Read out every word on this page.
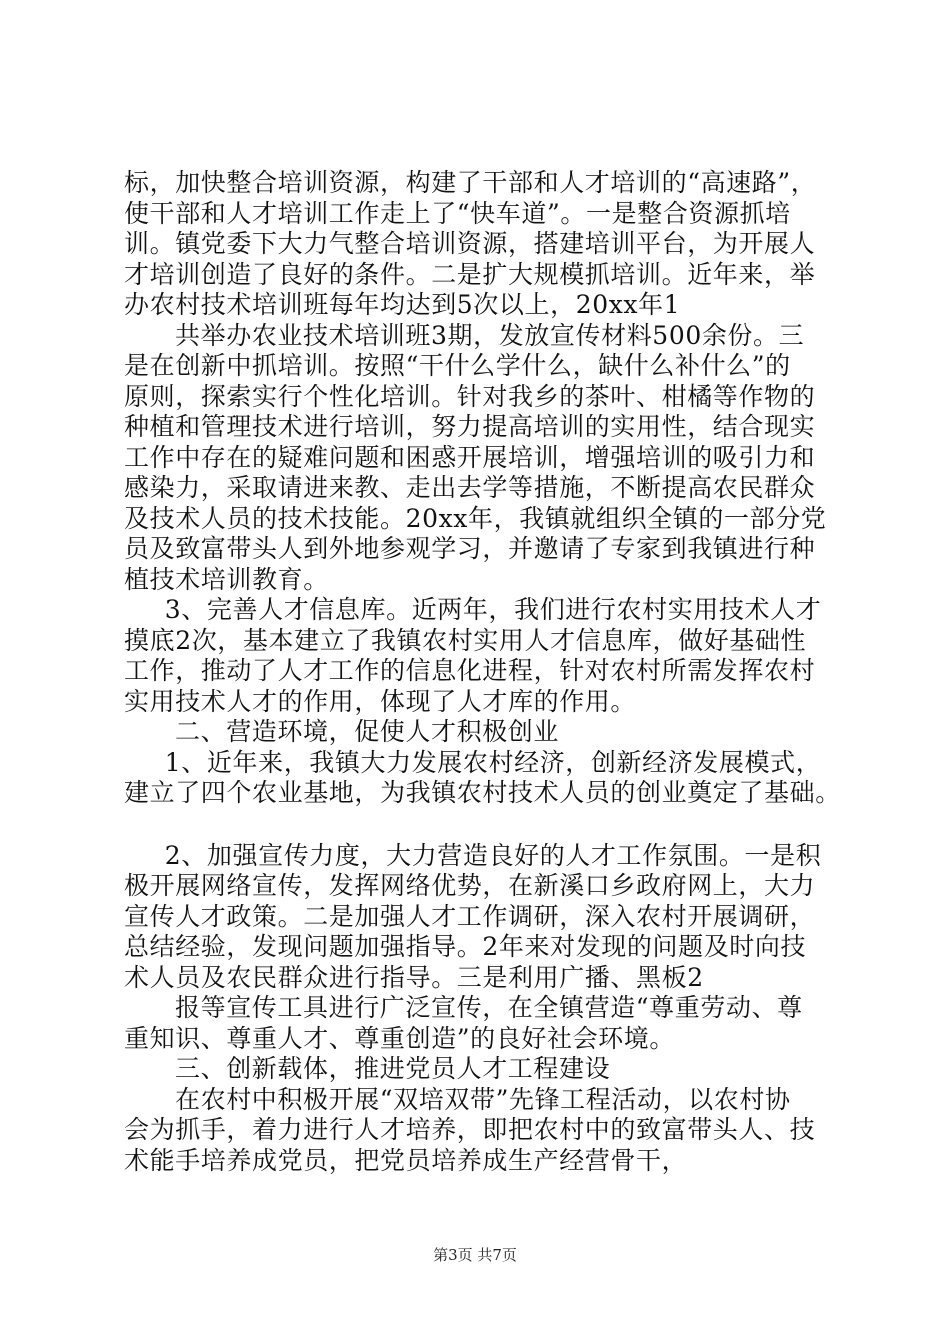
标，加快整合培训资源，构建了干部和人才培训的“高速路”，
使干部和人才培训工作走上了“快车道”。一是整合资源抓培
训。镇党委下大力气整合培训资源，搭建培训平台，为开展人
才培训创造了良好的条件。二是扩大规模抓培训。近年来，举
办农村技术培训班每年均达到5次以上，20xx年1
共举办农业技术培训班3期，发放宣传材料500余份。三
是在创新中抓培训。按照“干什么学什么，缺什么补什么”的
原则，探索实行个性化培训。针对我乡的茶叶、柑橘等作物的
种植和管理技术进行培训，努力提高培训的实用性，结合现实
工作中存在的疑难问题和困惑开展培训，增强培训的吸引力和
感染力，采取请进来教、走出去学等措施，不断提高农民群众
及技术人员的技术技能。20xx年，我镇就组织全镇的一部分党
员及致富带头人到外地参观学习，并邀请了专家到我镇进行种
植技术培训教育。
3、完善人才信息库。近两年，我们进行农村实用技术人才
摸底2次，基本建立了我镇农村实用人才信息库，做好基础性
工作，推动了人才工作的信息化进程，针对农村所需发挥农村
实用技术人才的作用，体现了人才库的作用。
二、营造环境，促使人才积极创业
1、近年来，我镇大力发展农村经济，创新经济发展模式，
建立了四个农业基地，为我镇农村技术人员的创业奠定了基础。
2、加强宣传力度，大力营造良好的人才工作氛围。一是积
极开展网络宣传，发挥网络优势，在新溪口乡政府网上，大力
宣传人才政策。二是加强人才工作调研，深入农村开展调研，
总结经验，发现问题加强指导。2年来对发现的问题及时向技
术人员及农民群众进行指导。三是利用广播、黑板2
报等宣传工具进行广泛宣传，在全镇营造“尊重劳动、尊
重知识、尊重人才、尊重创造”的良好社会环境。
三、创新载体，推进党员人才工程建设
在农村中积极开展“双培双带”先锋工程活动，以农村协
会为抓手，着力进行人才培养，即把农村中的致富带头人、技
术能手培养成党员，把党员培养成生产经营骨干，
第3页 共7页
